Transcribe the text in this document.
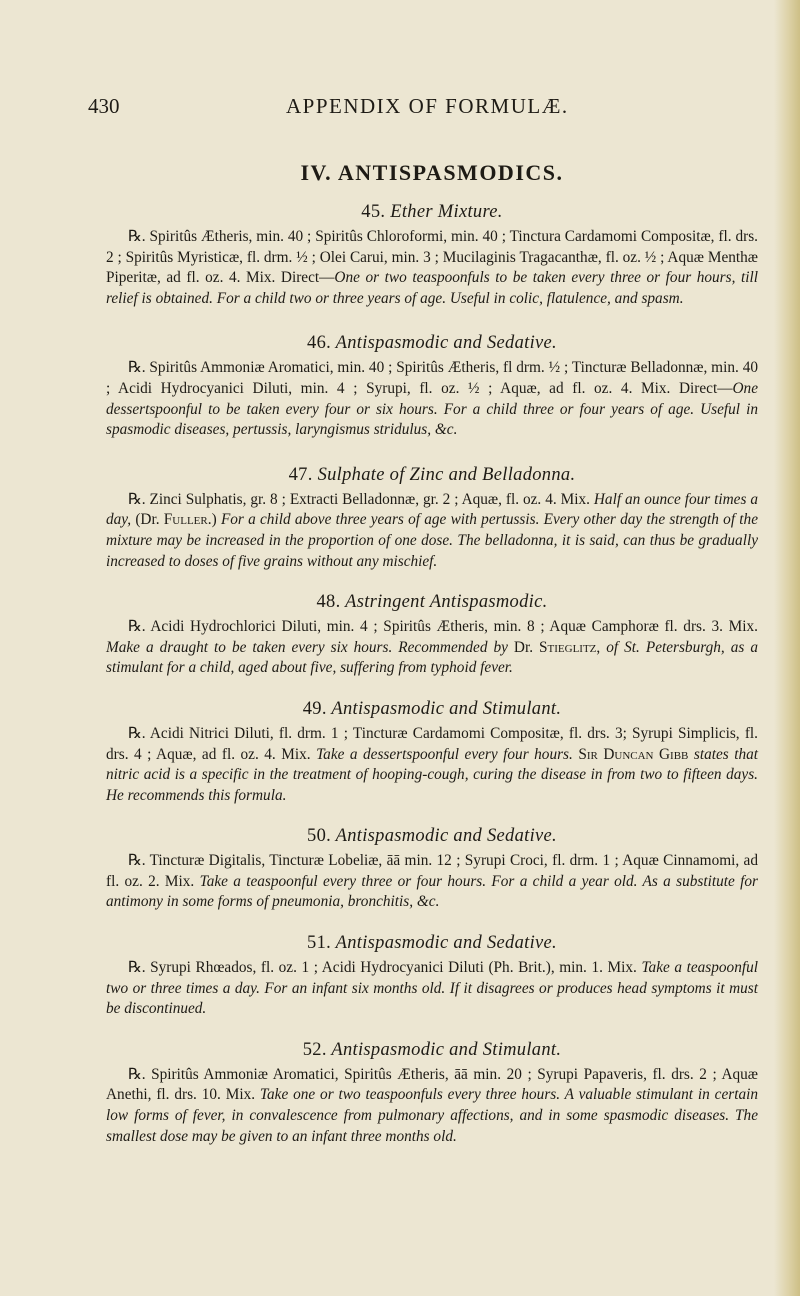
430	APPENDIX OF FORMULÆ.
IV. ANTISPASMODICS.
45. Ether Mixture.

℞. Spiritûs Ætheris, min. 40 ; Spiritûs Chloroformi, min. 40 ; Tinctura Cardamomi Compositæ, fl. drs. 2 ; Spiritûs Myristicæ, fl. drm. ½ ; Olei Carui, min. 3 ; Mucilaginis Tragacanthæ, fl. oz. ½ ; Aquæ Menthæ Piperitæ, ad fl. oz. 4. Mix. Direct—One or two teaspoonfuls to be taken every three or four hours, till relief is obtained. For a child two or three years of age. Useful in colic, flatulence, and spasm.

46. Antispasmodic and Sedative.

℞. Spiritûs Ammoniæ Aromatici, min. 40 ; Spiritûs Ætheris, fl drm. ½ ; Tincturæ Belladonnæ, min. 40 ; Acidi Hydrocyanici Diluti, min. 4 ; Syrupi, fl. oz. ½ ; Aquæ, ad fl. oz. 4. Mix. Direct—One dessertspoonful to be taken every four or six hours. For a child three or four years of age. Useful in spasmodic diseases, pertussis, laryngismus stridulus, &c.

47. Sulphate of Zinc and Belladonna.

℞. Zinci Sulphatis, gr. 8 ; Extracti Belladonnæ, gr. 2 ; Aquæ, fl. oz. 4. Mix. Half an ounce four times a day, (Dr. Fuller.) For a child above three years of age with pertussis. Every other day the strength of the mixture may be increased in the proportion of one dose. The belladonna, it is said, can thus be gradually increased to doses of five grains without any mischief.

48. Astringent Antispasmodic.

℞. Acidi Hydrochlorici Diluti, min. 4 ; Spiritûs Ætheris, min. 8 ; Aquæ Camphoræ fl. drs. 3. Mix. Make a draught to be taken every six hours. Recommended by Dr. Stieglitz, of St. Petersburgh, as a stimulant for a child, aged about five, suffering from typhoid fever.

49. Antispasmodic and Stimulant.

℞. Acidi Nitrici Diluti, fl. drm. 1 ; Tincturæ Cardamomi Compositæ, fl. drs. 3; Syrupi Simplicis, fl. drs. 4 ; Aquæ, ad fl. oz. 4. Mix. Take a dessertspoonful every four hours. Sir Duncan Gibb states that nitric acid is a specific in the treatment of hooping-cough, curing the disease in from two to fifteen days. He recommends this formula.

50. Antispasmodic and Sedative.

℞. Tincturæ Digitalis, Tincturæ Lobeliæ, āā min. 12 ; Syrupi Croci, fl. drm. 1 ; Aquæ Cinnamomi, ad fl. oz. 2. Mix. Take a teaspoonful every three or four hours. For a child a year old. As a substitute for antimony in some forms of pneumonia, bronchitis, &c.

51. Antispasmodic and Sedative.

℞. Syrupi Rhœados, fl. oz. 1 ; Acidi Hydrocyanici Diluti (Ph. Brit.), min. 1. Mix. Take a teaspoonful two or three times a day. For an infant six months old. If it disagrees or produces head symptoms it must be discontinued.

52. Antispasmodic and Stimulant.

℞. Spiritûs Ammoniæ Aromatici, Spiritûs Ætheris, āā min. 20 ; Syrupi Papaveris, fl. drs. 2 ; Aquæ Anethi, fl. drs. 10. Mix. Take one or two teaspoonfuls every three hours. A valuable stimulant in certain low forms of fever, in convalescence from pulmonary affections, and in some spasmodic diseases. The smallest dose may be given to an infant three months old.
